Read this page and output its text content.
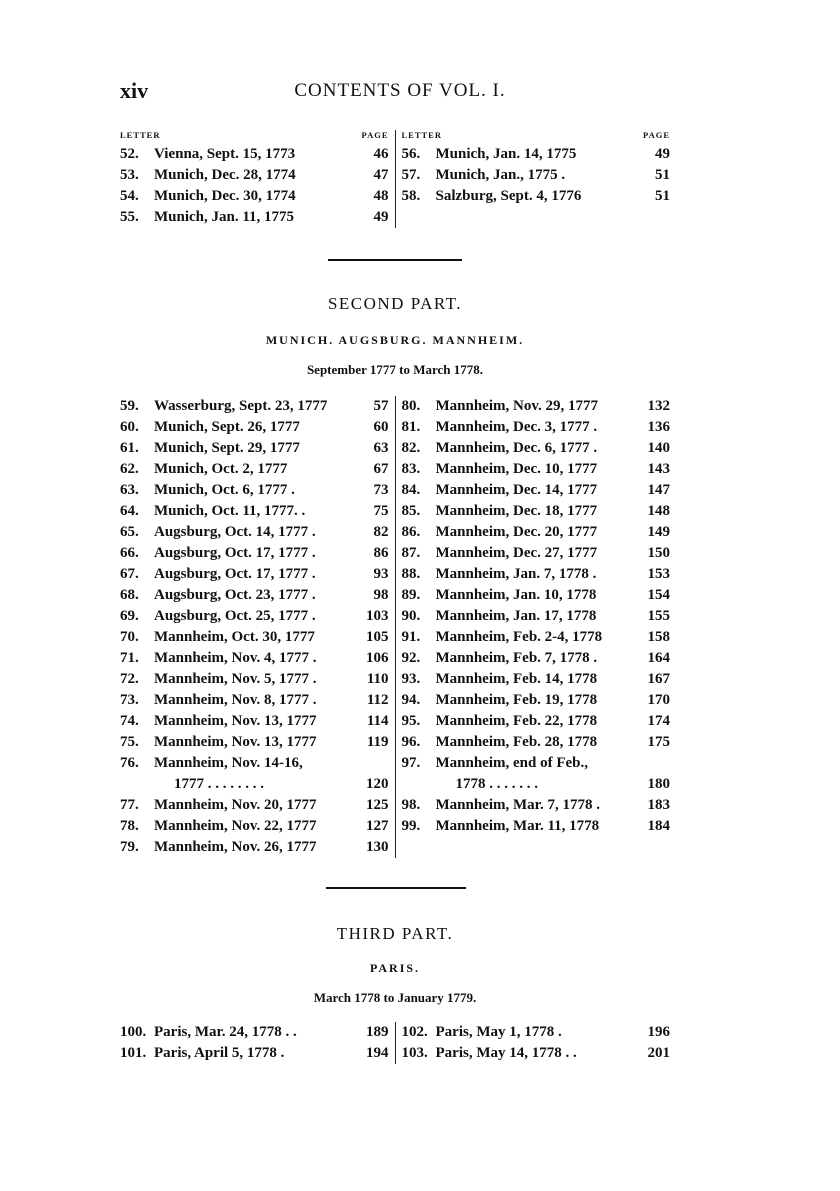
xiv	CONTENTS OF VOL. I.
LETTER	PAGE
52.	Vienna, Sept. 15, 1773	46
53.	Munich, Dec. 28, 1774	47
54.	Munich, Dec. 30, 1774	48
55.	Munich, Jan. 11, 1775	49
LETTER	PAGE
56.	Munich, Jan. 14, 1775	49
57.	Munich, Jan., 1775 .	51
58.	Salzburg, Sept. 4, 1776	51
SECOND PART.
MUNICH. AUGSBURG. MANNHEIM.
September 1777 to March 1778.
59.	Wasserburg, Sept. 23, 1777	57
60.	Munich, Sept. 26, 1777	60
61.	Munich, Sept. 29, 1777	63
62.	Munich, Oct. 2, 1777	67
63.	Munich, Oct. 6, 1777 .	73
64.	Munich, Oct. 11, 1777. .	75
65.	Augsburg, Oct. 14, 1777 .	82
66.	Augsburg, Oct. 17, 1777 .	86
67.	Augsburg, Oct. 17, 1777 .	93
68.	Augsburg, Oct. 23, 1777 .	98
69.	Augsburg, Oct. 25, 1777 .	103
70.	Mannheim, Oct. 30, 1777	105
71.	Mannheim, Nov. 4, 1777 .	106
72.	Mannheim, Nov. 5, 1777 .	110
73.	Mannheim, Nov. 8, 1777 .	112
74.	Mannheim, Nov. 13, 1777	114
75.	Mannheim, Nov. 13, 1777	119
76.	Mannheim, Nov. 14-16,
1777 . . . . . . . .	120
77.	Mannheim, Nov. 20, 1777	125
78.	Mannheim, Nov. 22, 1777	127
79.	Mannheim, Nov. 26, 1777	130
80.	Mannheim, Nov. 29, 1777	132
81.	Mannheim, Dec. 3, 1777 .	136
82.	Mannheim, Dec. 6, 1777 .	140
83.	Mannheim, Dec. 10, 1777	143
84.	Mannheim, Dec. 14, 1777	147
85.	Mannheim, Dec. 18, 1777	148
86.	Mannheim, Dec. 20, 1777	149
87.	Mannheim, Dec. 27, 1777	150
88.	Mannheim, Jan. 7, 1778 .	153
89.	Mannheim, Jan. 10, 1778	154
90.	Mannheim, Jan. 17, 1778	155
91.	Mannheim, Feb. 2-4, 1778	158
92.	Mannheim, Feb. 7, 1778 .	164
93.	Mannheim, Feb. 14, 1778	167
94.	Mannheim, Feb. 19, 1778	170
95.	Mannheim, Feb. 22, 1778	174
96.	Mannheim, Feb. 28, 1778	175
97.	Mannheim, end of Feb.,
1778 . . . . . . .	180
98.	Mannheim, Mar. 7, 1778 .	183
99.	Mannheim, Mar. 11, 1778	184
THIRD PART.
PARIS.
March 1778 to January 1779.
100. Paris, Mar. 24, 1778 . .	189
101. Paris, April 5, 1778 .	194
102. Paris, May 1, 1778 .	196
103. Paris, May 14, 1778 . .	201
